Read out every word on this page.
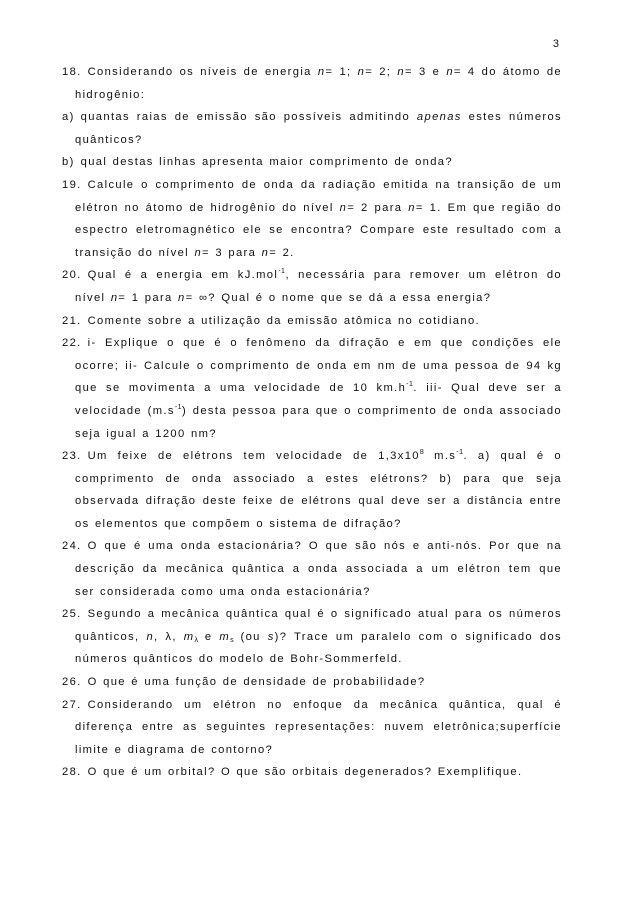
3

18. Considerando os níveis de energia n= 1; n= 2; n= 3 e n= 4 do átomo de hidrogênio:

a) quantas raias de emissão são possíveis admitindo apenas estes números quânticos?

b) qual destas linhas apresenta maior comprimento de onda?

19. Calcule o comprimento de onda da radiação emitida na transição de um elétron no átomo de hidrogênio do nível n= 2 para n= 1. Em que região do espectro eletromagnético ele se encontra? Compare este resultado com a transição do nível n= 3 para n= 2.

20. Qual é a energia em kJ.mol$^{-1}$, necessária para remover um elétron do nível n= 1 para n= ∞? Qual é o nome que se dá a essa energia?

21. Comente sobre a utilização da emissão atômica no cotidiano.

22. i- Explique o que é o fenômeno da difração e em que condições ele ocorre; ii- Calcule o comprimento de onda em nm de uma pessoa de 94 kg que se movimenta a uma velocidade de 10 $km.h^{-1}$. iii- Qual deve ser a velocidade $(m.s^{-1})$ desta pessoa para que o comprimento de onda associado seja igual a 1200 nm?

23. Um feixe de elétrons tem velocidade de $1,3x10^8$ $m.s^{-1}$. a) qual é o comprimento de onda associado a estes elétrons? b) para que seja observada difração deste feixe de elétrons qual deve ser a distância entre os elementos que compõem o sistema de difração?

24. O que é uma onda estacionária? O que são nós e anti-nós. Por que na descrição da mecânica quântica a onda associada a um elétron tem que ser considerada como uma onda estacionária?

25. Segundo a mecânica quântica qual é o significado atual para os números quânticos, n, λ, $m_\lambda$ e $m_s$ (ou s)? Trace um paralelo com o significado dos números quânticos do modelo de Bohr-Sommerfeld.

26. O que é uma função de densidade de probabilidade?

27. Considerando um elétron no enfoque da mecânica quântica, qual é diferença entre as seguintes representações: nuvem eletrônica;superfície limite e diagrama de contorno?

28. O que é um orbital? O que são orbitais degenerados? Exemplifique.
